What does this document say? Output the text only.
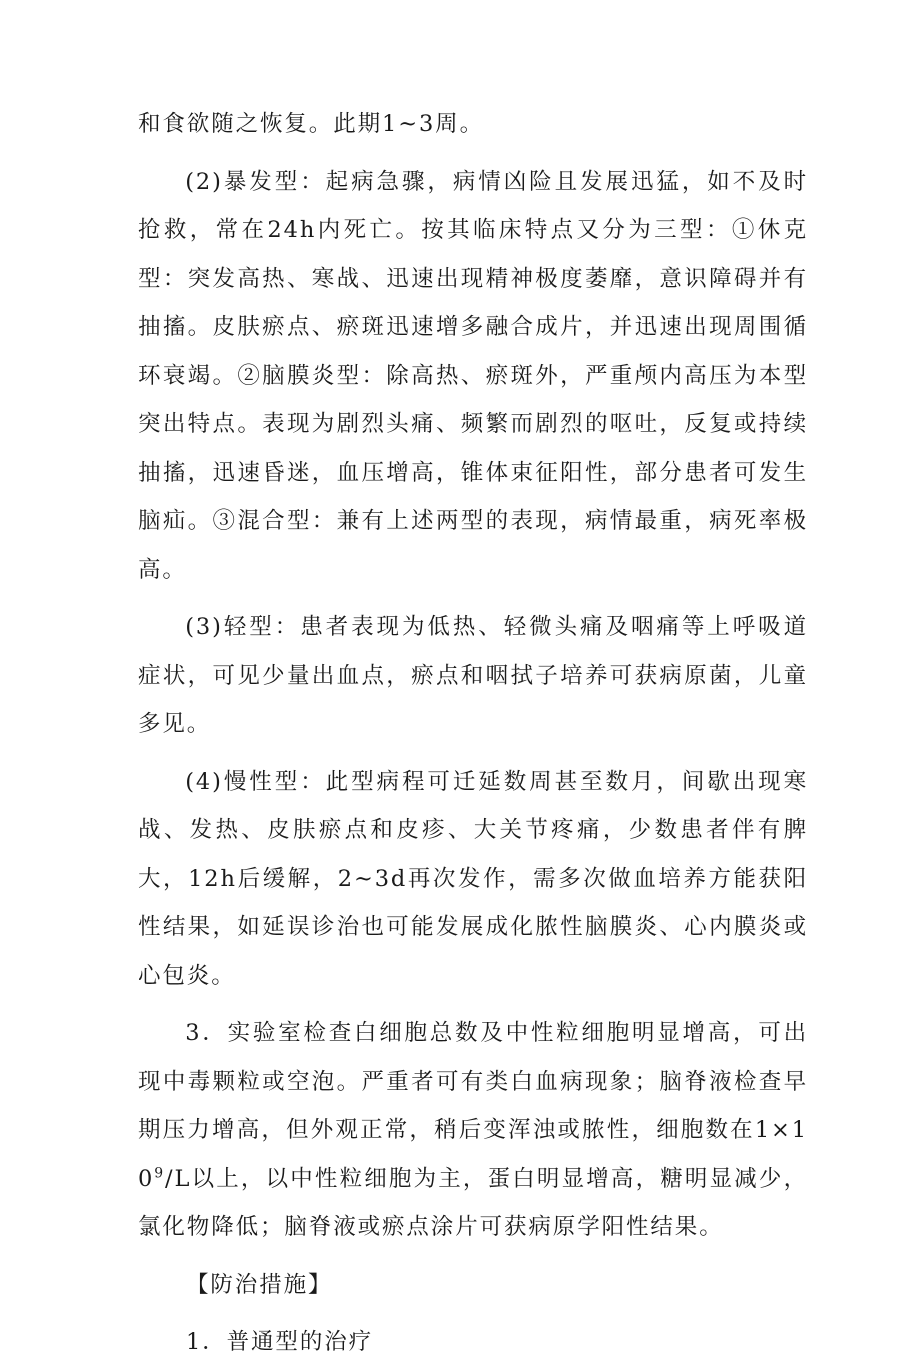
和食欲随之恢复。此期1~3周。

(2)暴发型：起病急骤，病情凶险且发展迅猛，如不及时抢救，常在24h内死亡。按其临床特点又分为三型：①休克型：突发高热、寒战、迅速出现精神极度萎靡，意识障碍并有抽搐。皮肤瘀点、瘀斑迅速增多融合成片，并迅速出现周围循环衰竭。②脑膜炎型：除高热、瘀斑外，严重颅内高压为本型突出特点。表现为剧烈头痛、频繁而剧烈的呕吐，反复或持续抽搐，迅速昏迷，血压增高，锥体束征阳性，部分患者可发生脑疝。③混合型：兼有上述两型的表现，病情最重，病死率极高。

(3)轻型：患者表现为低热、轻微头痛及咽痛等上呼吸道症状，可见少量出血点，瘀点和咽拭子培养可获病原菌，儿童多见。

(4)慢性型：此型病程可迁延数周甚至数月，间歇出现寒战、发热、皮肤瘀点和皮疹、大关节疼痛，少数患者伴有脾大，12h后缓解，2~3d再次发作，需多次做血培养方能获阳性结果，如延误诊治也可能发展成化脓性脑膜炎、心内膜炎或心包炎。

3．实验室检查白细胞总数及中性粒细胞明显增高，可出现中毒颗粒或空泡。严重者可有类白血病现象；脑脊液检查早期压力增高，但外观正常，稍后变浑浊或脓性，细胞数在$1\times 10^9/L$以上，以中性粒细胞为主，蛋白明显增高，糖明显减少，氯化物降低；脑脊液或瘀点涂片可获病原学阳性结果。

【防治措施】

1．普通型的治疗
